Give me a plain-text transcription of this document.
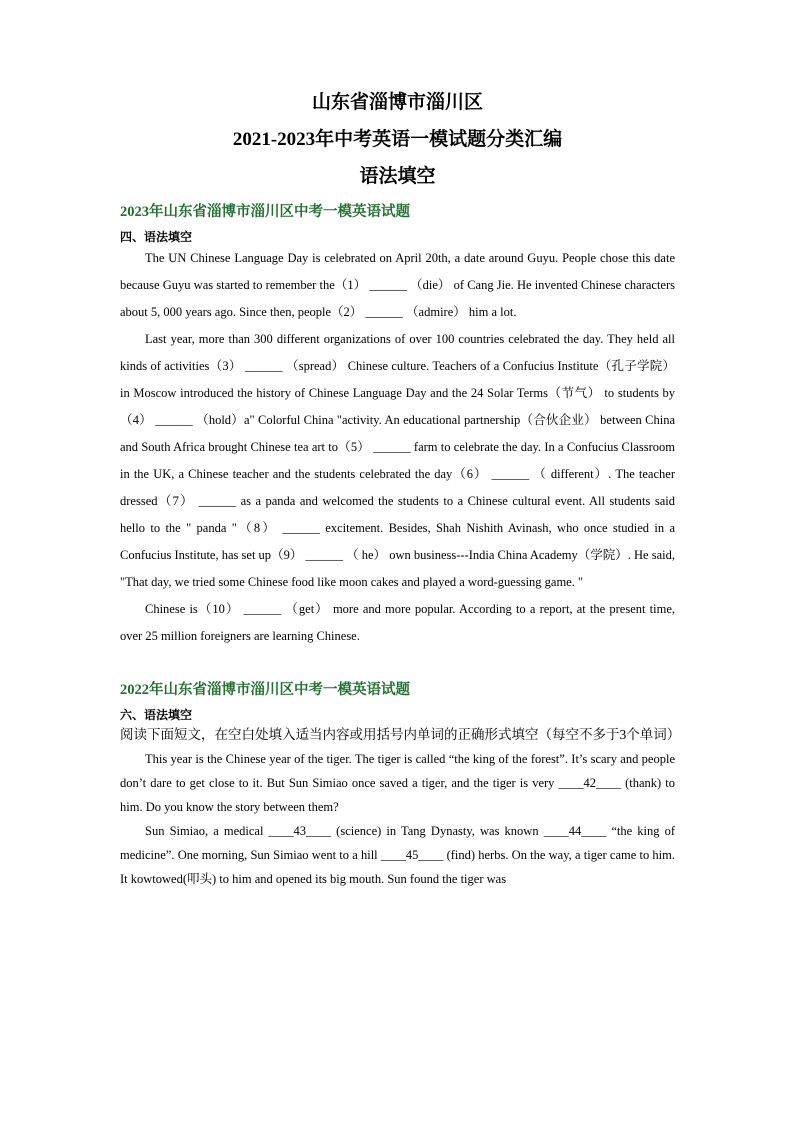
山东省淄博市淄川区
2021-2023年中考英语一模试题分类汇编
语法填空
2023年山东省淄博市淄川区中考一模英语试题
四、语法填空

The UN Chinese Language Day is celebrated on April 20th, a date around Guyu. People chose this date because Guyu was started to remember the（1） ______ （die） of Cang Jie. He invented Chinese characters about 5, 000 years ago. Since then, people（2） ______ （admire） him a lot.

Last year, more than 300 different organizations of over 100 countries celebrated the day. They held all kinds of activities（3） ______ （spread） Chinese culture. Teachers of a Confucius Institute（孔子学院） in Moscow introduced the history of Chinese Language Day and the 24 Solar Terms（节气） to students by（4） ______ （hold）a" Colorful China "activity. An educational partnership（合伙企业） between China and South Africa brought Chinese tea art to（5） ______ farm to celebrate the day. In a Confucius Classroom in the UK, a Chinese teacher and the students celebrated the day（6） ______ （ different）. The teacher dressed（7） ______ as a panda and welcomed the students to a Chinese cultural event. All students said hello to the " panda "（8） ______ excitement. Besides, Shah Nishith Avinash, who once studied in a Confucius Institute, has set up（9） ______ （ he） own business---India China Academy（学院）. He said, "That day, we tried some Chinese food like moon cakes and played a word-guessing game. "

Chinese is（10） ______ （get） more and more popular. According to a report, at the present time, over 25 million foreigners are learning Chinese.

2022年山东省淄博市淄川区中考一模英语试题
六、语法填空

阅读下面短文，在空白处填入适当内容或用括号内单词的正确形式填空（每空不多于3个单词）

This year is the Chinese year of the tiger. The tiger is called “the king of the forest”. It’s scary and people don’t dare to get close to it. But Sun Simiao once saved a tiger, and the tiger is very ____42____ (thank) to him. Do you know the story between them?

Sun Simiao, a medical ____43____ (science) in Tang Dynasty, was known ____44____ “the king of medicine”. One morning, Sun Simiao went to a hill ____45____ (find) herbs. On the way, a tiger came to him. It kowtowed(叩头) to him and opened its big mouth. Sun found the tiger was
